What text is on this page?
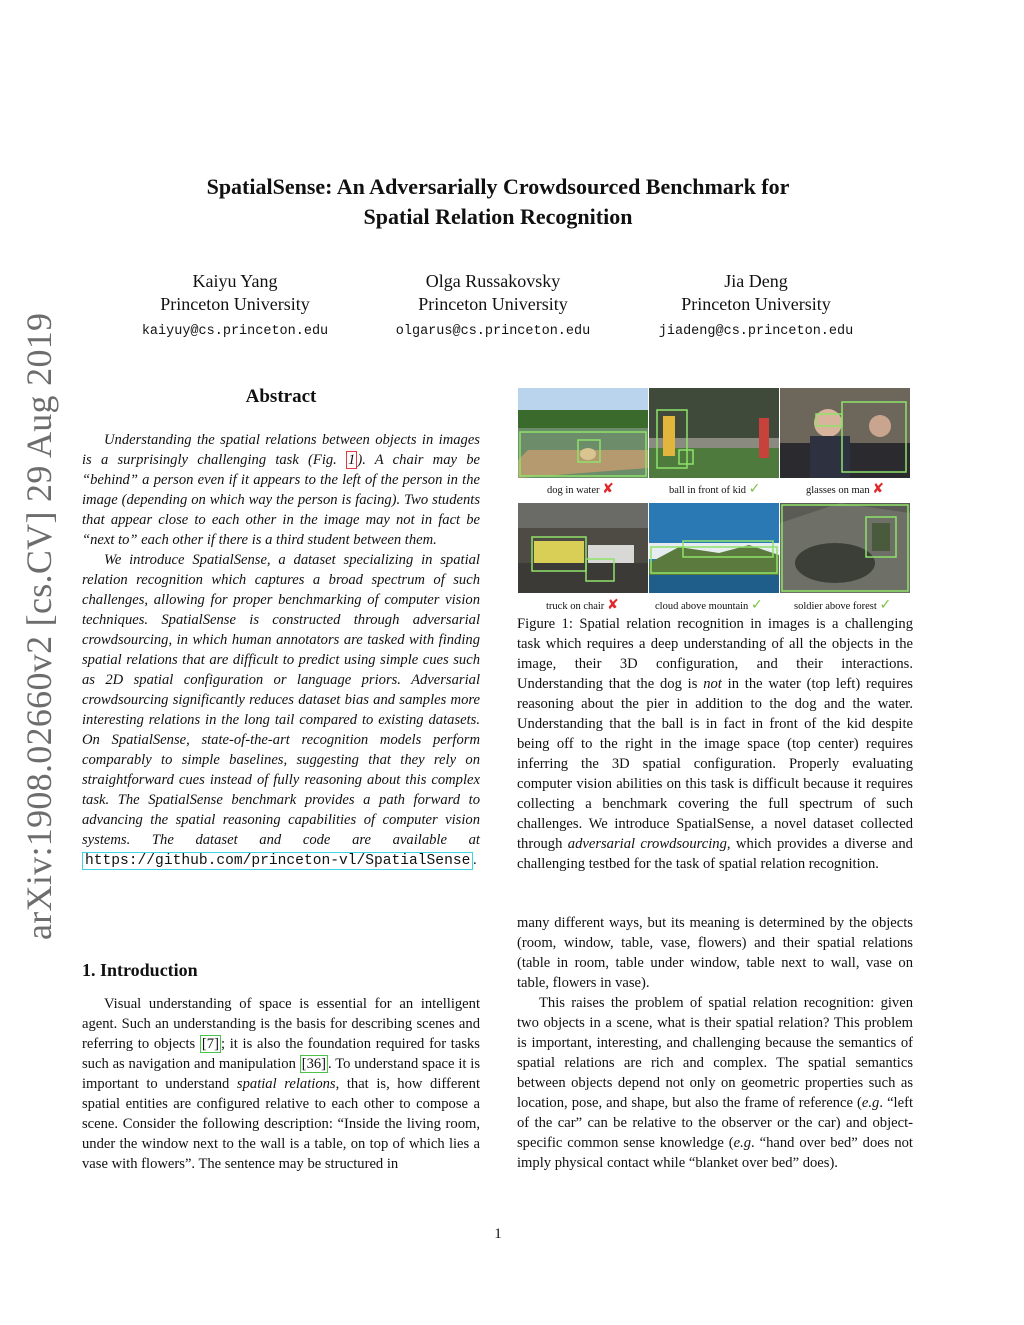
SpatialSense: An Adversarially Crowdsourced Benchmark for
Spatial Relation Recognition
Kaiyu Yang
Princeton University
kaiyuy@cs.princeton.edu
Olga Russakovsky
Princeton University
olgarus@cs.princeton.edu
Jia Deng
Princeton University
jiadeng@cs.princeton.edu
arXiv:1908.02660v2 [cs.CV] 29 Aug 2019	Abstract

Understanding the spatial relations between objects in images is a surprisingly challenging task (Fig. 1 ). A chair may be “behind” a person even if it appears to the left of the person in the image (depending on which way the person is facing). Two students that appear close to each other in the image may not in fact be “next to” each other if there is a third student between them.

We introduce SpatialSense, a dataset specializing in spatial relation recognition which captures a broad spectrum of such challenges, allowing for proper benchmarking of computer vision techniques. SpatialSense is constructed through adversarial crowdsourcing, in which human annotators are tasked with finding spatial relations that are difficult to predict using simple cues such as 2D spatial configuration or language priors. Adversarial crowdsourcing significantly reduces dataset bias and samples more interesting relations in the long tail compared to existing datasets. On SpatialSense, state-of-the-art recognition models perform comparably to simple baselines, suggesting that they rely on straightforward cues instead of fully reasoning about this complex task. The SpatialSense benchmark provides a path forward to advancing the spatial reasoning capabilities of computer vision systems. The dataset and code are available at https://github.com/princeton-vl/SpatialSense .

1. Introduction

Visual understanding of space is essential for an intelligent agent. Such an understanding is the basis for describing scenes and referring to objects [7] ; it is also the foundation required for tasks such as navigation and manipulation [36] . To understand space it is important to understand spatial relations, that is, how different spatial entities are configured relative to each other to compose a scene. Consider the following description: “Inside the living room, under the window next to the wall is a table, on top of which lies a vase with flowers”. The sentence may be structured in

dog in water ✘	ball in front of kid ✓	glasses on man ✘
truck on chair ✘	cloud above mountain ✓	soldier above forest ✓
Figure 1: Spatial relation recognition in images is a challenging task which requires a deep understanding of all the objects in the image, their 3D configuration, and their interactions. Understanding that the dog is not in the water (top left) requires reasoning about the pier in addition to the dog and the water. Understanding that the ball is in fact in front of the kid despite being off to the right in the image space (top center) requires inferring the 3D spatial configuration. Properly evaluating computer vision abilities on this task is difficult because it requires collecting a benchmark covering the full spectrum of such challenges. We introduce SpatialSense, a novel dataset collected through adversarial crowdsourcing, which provides a diverse and challenging testbed for the task of spatial relation recognition.
many different ways, but its meaning is determined by the objects (room, window, table, vase, flowers) and their spatial relations (table in room, table under window, table next to wall, vase on table, flowers in vase).

This raises the problem of spatial relation recognition: given two objects in a scene, what is their spatial relation? This problem is important, interesting, and challenging because the semantics of spatial relations are rich and complex. The spatial semantics between objects depend not only on geometric properties such as location, pose, and shape, but also the frame of reference (e.g. “left of the car” can be relative to the observer or the car) and object-specific common sense knowledge (e.g. “hand over bed” does not imply physical contact while “blanket over bed” does).

1
